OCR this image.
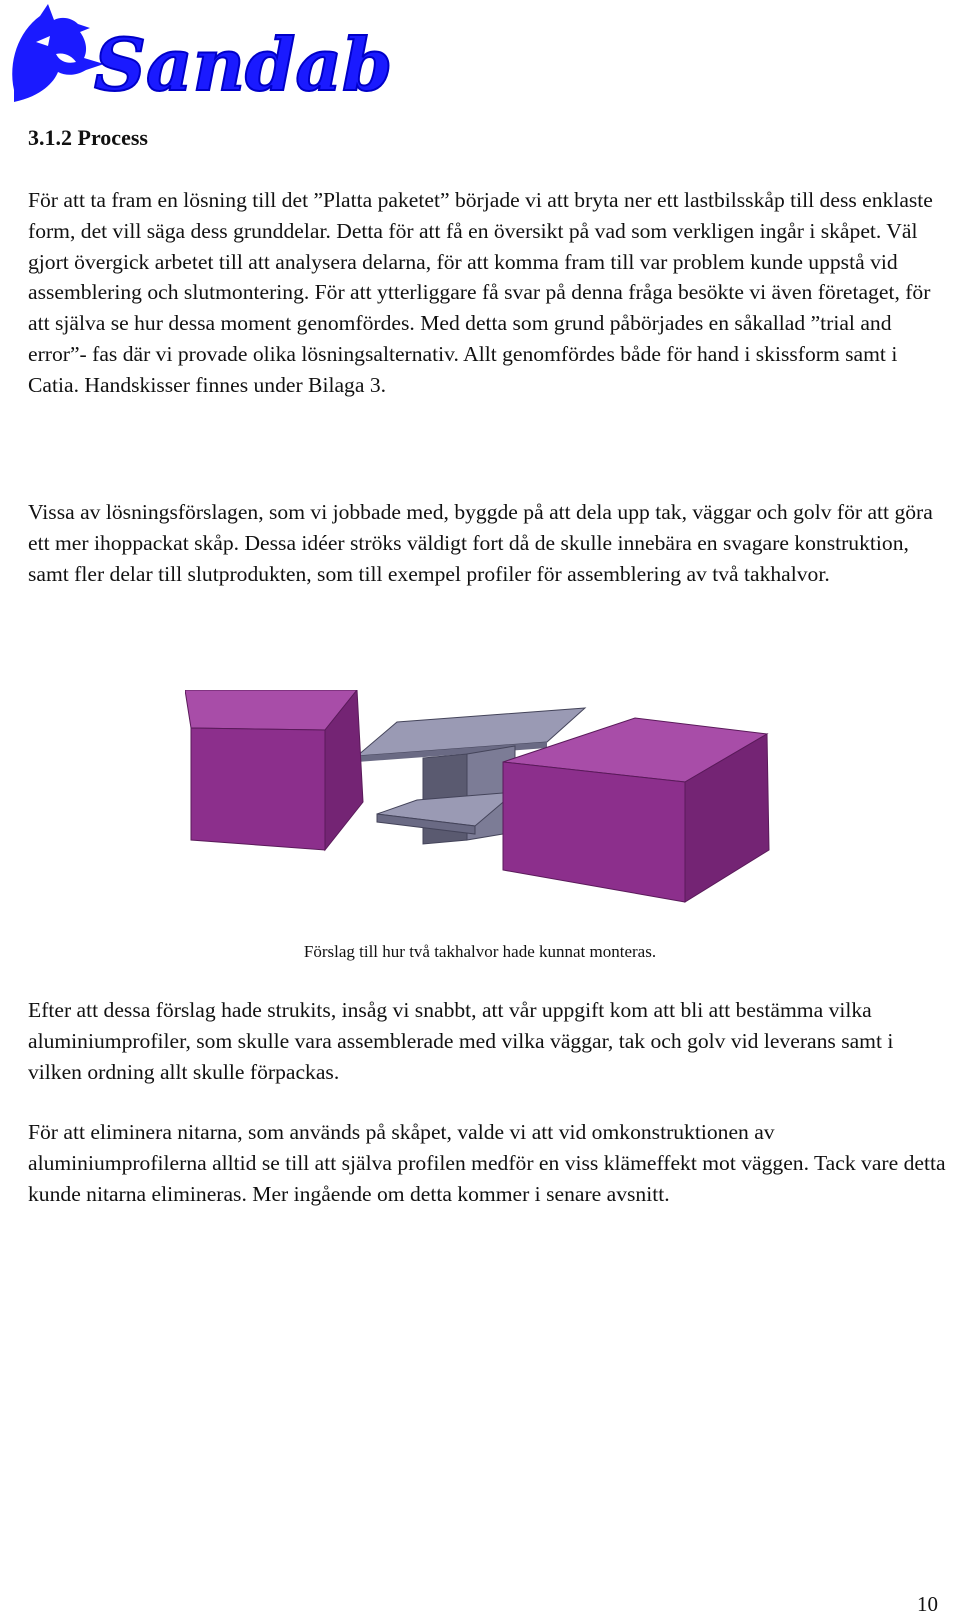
Sandab
3.1.2 Process

För att ta fram en lösning till det ”Platta paketet” började vi att bryta ner ett lastbilsskåp till dess enklaste form, det vill säga dess grunddelar. Detta för att få en översikt på vad som verkligen ingår i skåpet. Väl gjort övergick arbetet till att analysera delarna, för att komma fram till var problem kunde uppstå vid assemblering och slutmontering. För att ytterliggare få svar på denna fråga besökte vi även företaget, för att själva se hur dessa moment genomfördes. Med detta som grund påbörjades en såkallad ”trial and error”- fas där vi provade olika lösningsalternativ. Allt genomfördes både för hand i skissform samt i Catia. Handskisser finnes under Bilaga 3.

Vissa av lösningsförslagen, som vi jobbade med, byggde på att dela upp tak, väggar och golv för att göra ett mer ihoppackat skåp. Dessa idéer ströks väldigt fort då de skulle innebära en svagare konstruktion, samt fler delar till slutprodukten, som till exempel profiler för assemblering av två takhalvor.

Förslag till hur två takhalvor hade kunnat monteras.

Efter att dessa förslag hade strukits, insåg vi snabbt, att vår uppgift kom att bli att bestämma vilka aluminiumprofiler, som skulle vara assemblerade med vilka väggar, tak och golv vid leverans samt i vilken ordning allt skulle förpackas.

För att eliminera nitarna, som används på skåpet, valde vi att vid omkonstruktionen av aluminiumprofilerna alltid se till att själva profilen medför en viss klämeffekt mot väggen. Tack vare detta kunde nitarna elimineras. Mer ingående om detta kommer i senare avsnitt.

10
